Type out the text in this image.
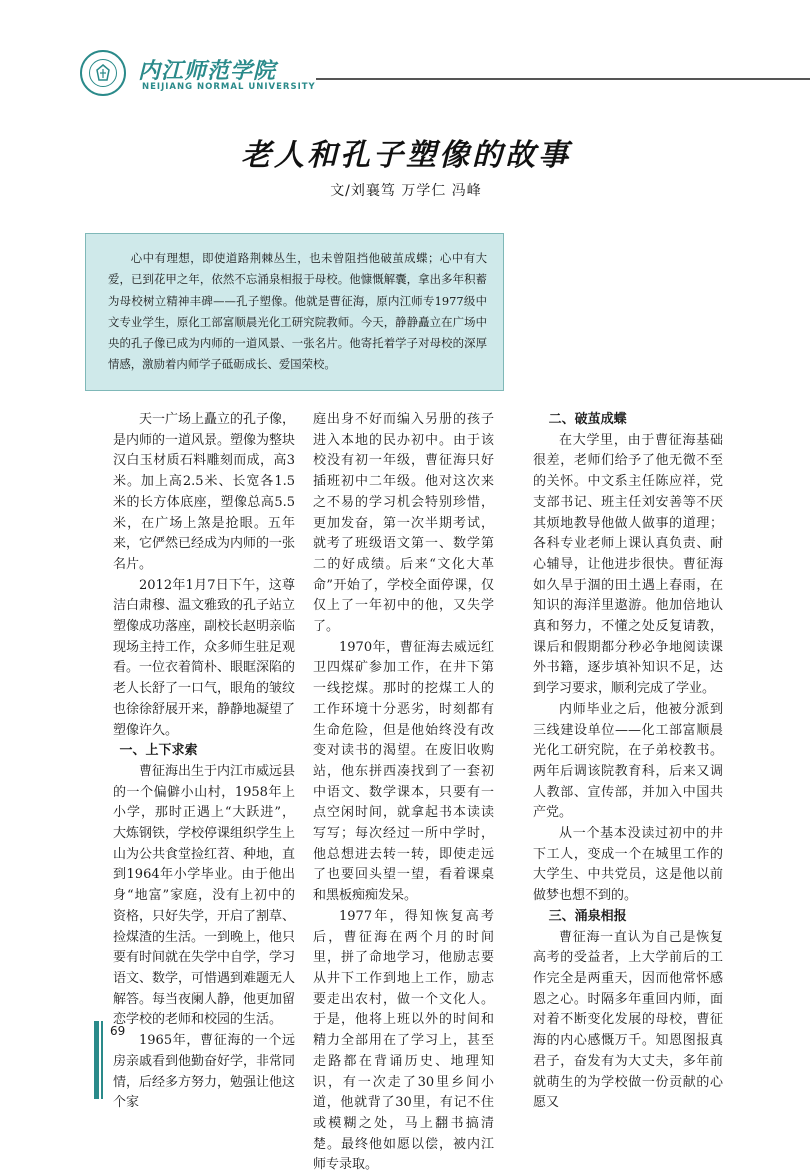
内江师范学院
NEIJIANG NORMAL UNIVERSITY
老人和孔子塑像的故事
文/刘襄笃 万学仁 冯峰

心中有理想，即使道路荆棘丛生，也未曾阻挡他破茧成蝶；心中有大爱，已到花甲之年，依然不忘涌泉相报于母校。他慷慨解囊，拿出多年积蓄为母校树立精神丰碑——孔子塑像。他就是曹征海，原内江师专1977级中文专业学生，原化工部富顺晨光化工研究院教师。今天，静静矗立在广场中央的孔子像已成为内师的一道风景、一张名片。他寄托着学子对母校的深厚情感，激励着内师学子砥砺成长、爱国荣校。

天一广场上矗立的孔子像，是内师的一道风景。塑像为整块汉白玉材质石料雕刻而成，高3米。加上高2.5米、长宽各1.5米的长方体底座，塑像总高5.5米，在广场上煞是抢眼。五年来，它俨然已经成为内师的一张名片。

2012年1月7日下午，这尊洁白肃穆、温文雅致的孔子站立塑像成功落座，副校长赵明亲临现场主持工作，众多师生驻足观看。一位衣着简朴、眼眶深陷的老人长舒了一口气，眼角的皱纹也徐徐舒展开来，静静地凝望了塑像许久。

一、上下求索

曹征海出生于内江市威远县的一个偏僻小山村，1958年上小学，那时正遇上“大跃进”，大炼钢铁，学校停课组织学生上山为公共食堂捡红苕、种地，直到1964年小学毕业。由于他出身“地富”家庭，没有上初中的资格，只好失学，开启了割草、捡煤渣的生活。一到晚上，他只要有时间就在失学中自学，学习语文、数学，可惜遇到难题无人解答。每当夜阑人静，他更加留恋学校的老师和校园的生活。

1965年，曹征海的一个远房亲戚看到他勤奋好学，非常同情，后经多方努力，勉强让他这个家

庭出身不好而编入另册的孩子进入本地的民办初中。由于该校没有初一年级，曹征海只好插班初中二年级。他对这次来之不易的学习机会特别珍惜，更加发奋，第一次半期考试，就考了班级语文第一、数学第二的好成绩。后来“文化大革命”开始了，学校全面停课，仅仅上了一年初中的他，又失学了。

1970年，曹征海去威远红卫四煤矿参加工作，在井下第一线挖煤。那时的挖煤工人的工作环境十分恶劣，时刻都有生命危险，但是他始终没有改变对读书的渴望。在废旧收购站，他东拼西凑找到了一套初中语文、数学课本，只要有一点空闲时间，就拿起书本读读写写；每次经过一所中学时，他总想进去转一转，即使走远了也要回头望一望，看着课桌和黑板痴痴发呆。

1977年，得知恢复高考后，曹征海在两个月的时间里，拼了命地学习，他励志要从井下工作到地上工作，励志要走出农村，做一个文化人。于是，他将上班以外的时间和精力全部用在了学习上，甚至走路都在背诵历史、地理知识，有一次走了30里乡间小道，他就背了30里，有记不住或模糊之处，马上翻书搞清楚。最终他如愿以偿，被内江师专录取。

二、破茧成蝶

在大学里，由于曹征海基础很差，老师们给予了他无微不至的关怀。中文系主任陈应祥，党支部书记、班主任刘安善等不厌其烦地教导他做人做事的道理；各科专业老师上课认真负责、耐心辅导，让他进步很快。曹征海如久旱于涸的田土遇上春雨，在知识的海洋里遨游。他加倍地认真和努力，不懂之处反复请教，课后和假期都分秒必争地阅读课外书籍，逐步填补知识不足，达到学习要求，顺利完成了学业。

内师毕业之后，他被分派到三线建设单位——化工部富顺晨光化工研究院，在子弟校教书。两年后调该院教育科，后来又调人教部、宣传部，并加入中国共产党。

从一个基本没读过初中的井下工人，变成一个在城里工作的大学生、中共党员，这是他以前做梦也想不到的。

三、涌泉相报

曹征海一直认为自己是恢复高考的受益者，上大学前后的工作完全是两重天，因而他常怀感恩之心。时隔多年重回内师，面对着不断变化发展的母校，曹征海的内心感慨万千。知恩图报真君子，奋发有为大丈夫，多年前就萌生的为学校做一份贡献的心愿又

69
